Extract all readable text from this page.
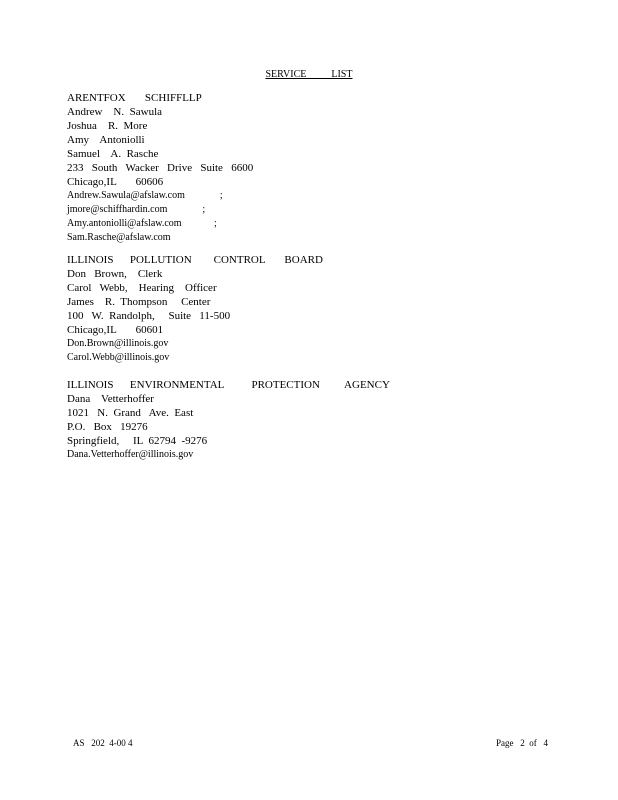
SERVICE          LIST
ARENTFOX       SCHIFFLLP
Andrew    N.  Sawula
Joshua    R.  More
Amy    Antoniolli
Samuel    A.  Rasche
233   South   Wacker   Drive   Suite   6600
Chicago,IL       60606
Andrew.Sawula@afslaw.com              ;
jmore@schiffhardin.com              ;
Amy.antoniolli@afslaw.com             ;
Sam.Rasche@afslaw.com
ILLINOIS      POLLUTION        CONTROL       BOARD
Don   Brown,    Clerk
Carol   Webb,    Hearing    Officer
James    R.  Thompson     Center
100   W.  Randolph,     Suite   11-500
Chicago,IL       60601
Don.Brown@illinois.gov
Carol.Webb@illinois.gov
ILLINOIS      ENVIRONMENTAL          PROTECTION         AGENCY
Dana    Vetterhoffer
1021   N.  Grand   Ave.  East
P.O.   Box   19276
Springfield,     IL  62794  -9276
Dana.Vetterhoffer@illinois.gov
AS   202  4-00 4	Page   2  of   4
